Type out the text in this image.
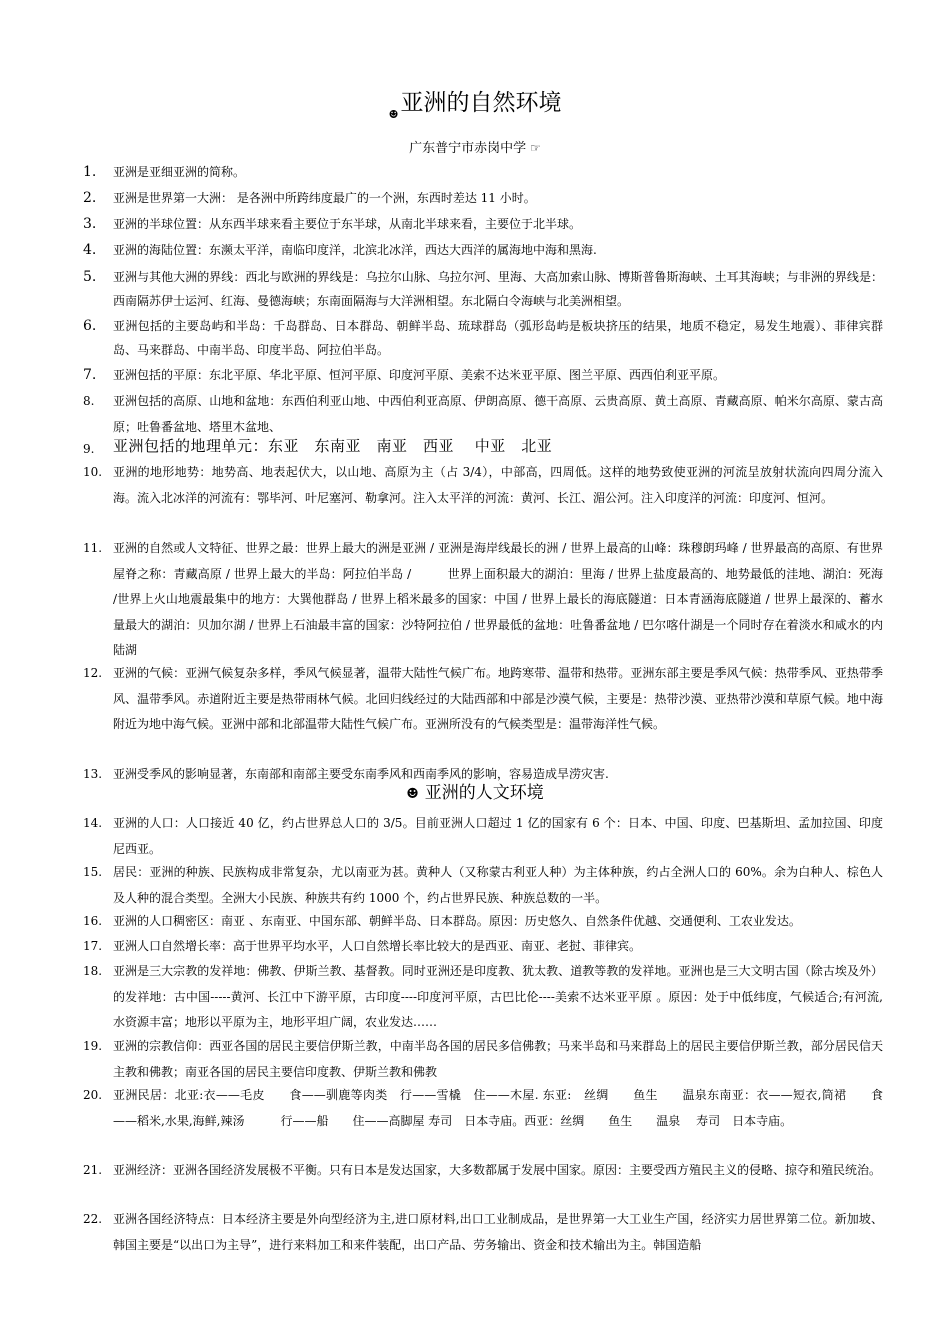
$_☻$亚洲的自然环境
广东普宁市赤岗中学 ☞
1. 亚洲是亚细亚洲的简称。
2. 亚洲是世界第一大洲： 是各洲中所跨纬度最广的一个洲，东西时差达 11 小时。
3. 亚洲的半球位置：从东西半球来看主要位于东半球，从南北半球来看，主要位于北半球。
4. 亚洲的海陆位置：东濒太平洋，南临印度洋，北滨北冰洋，西达大西洋的属海地中海和黑海.
5. 亚洲与其他大洲的界线：西北与欧洲的界线是：乌拉尔山脉、乌拉尔河、里海、大高加索山脉、博斯普鲁斯海峡、土耳其海峡；与非洲的界线是：西南隔苏伊士运河、红海、曼德海峡；东南面隔海与大洋洲相望。东北隔白令海峡与北美洲相望。
6. 亚洲包括的主要岛屿和半岛：千岛群岛、日本群岛、朝鲜半岛、琉球群岛（弧形岛屿是板块挤压的结果，地质不稳定，易发生地震）、菲律宾群岛、马来群岛、中南半岛、印度半岛、阿拉伯半岛。
7. 亚洲包括的平原：东北平原、华北平原、恒河平原、印度河平原、美索不达米亚平原、图兰平原、西西伯利亚平原。
8. 亚洲包括的高原、山地和盆地：东西伯利亚山地、中西伯利亚高原、伊朗高原、德干高原、云贵高原、黄土高原、青藏高原、帕米尔高原、蒙古高原；吐鲁番盆地、塔里木盆地、
9. 亚洲包括的地理单元：东亚　东南亚　南亚　西亚　 中亚　北亚
10. 亚洲的地形地势：地势高、地表起伏大，以山地、高原为主（占 3/4），中部高，四周低。这样的地势致使亚洲的河流呈放射状流向四周分流入海。流入北冰洋的河流有：鄂毕河、叶尼塞河、勒拿河。注入太平洋的河流：黄河、长江、湄公河。注入印度洋的河流：印度河、恒河。
11. 亚洲的自然或人文特征、世界之最：世界上最大的洲是亚洲 / 亚洲是海岸线最长的洲 / 世界上最高的山峰：珠穆朗玛峰 / 世界最高的高原、有世界屋脊之称：青藏高原 / 世界上最大的半岛：阿拉伯半岛 /　　　世界上面积最大的湖泊：里海 / 世界上盐度最高的、地势最低的洼地、湖泊：死海 /世界上火山地震最集中的地方：大巽他群岛 / 世界上稻米最多的国家：中国 / 世界上最长的海底隧道：日本青涵海底隧道 / 世界上最深的、蓄水量最大的湖泊：贝加尔湖 / 世界上石油最丰富的国家：沙特阿拉伯 / 世界最低的盆地：吐鲁番盆地 / 巴尔喀什湖是一个同时存在着淡水和咸水的内陆湖
12. 亚洲的气候：亚洲气候复杂多样，季风气候显著，温带大陆性气候广布。地跨寒带、温带和热带。亚洲东部主要是季风气候：热带季风、亚热带季风、温带季风。赤道附近主要是热带雨林气候。北回归线经过的大陆西部和中部是沙漠气候，主要是：热带沙漠、亚热带沙漠和草原气候。地中海附近为地中海气候。亚洲中部和北部温带大陆性气候广布。亚洲所没有的气候类型是：温带海洋性气候。
13. 亚洲受季风的影响显著，东南部和南部主要受东南季风和西南季风的影响，容易造成旱涝灾害.
☻ 亚洲的人文环境
14. 亚洲的人口：人口接近 40 亿，约占世界总人口的 3/5。目前亚洲人口超过 1 亿的国家有 6 个：日本、中国、印度、巴基斯坦、孟加拉国、印度尼西亚。
15. 居民：亚洲的种族、民族构成非常复杂，尤以南亚为甚。黄种人（又称蒙古利亚人种）为主体种族，约占全洲人口的 60%。余为白种人、棕色人及人种的混合类型。全洲大小民族、种族共有约 1000 个，约占世界民族、种族总数的一半。
16. 亚洲的人口稠密区：南亚 、东南亚、中国东部、朝鲜半岛、日本群岛。原因：历史悠久、自然条件优越、交通便利、工农业发达。
17. 亚洲人口自然增长率：高于世界平均水平，人口自然增长率比较大的是西亚、南亚、老挝、菲律宾。
18. 亚洲是三大宗教的发祥地：佛教、伊斯兰教、基督教。同时亚洲还是印度教、犹太教、道教等教的发祥地。亚洲也是三大文明古国（除古埃及外）的发祥地：古中国-----黄河、长江中下游平原，古印度----印度河平原，古巴比伦----美索不达米亚平原 。原因：处于中低纬度，气候适合;有河流,水资源丰富；地形以平原为主，地形平坦广阔，农业发达……
19. 亚洲的宗教信仰：西亚各国的居民主要信伊斯兰教，中南半岛各国的居民多信佛教；马来半岛和马来群岛上的居民主要信伊斯兰教，部分居民信天主教和佛教；南亚各国的居民主要信印度教、伊斯兰教和佛教
20. 亚洲民居：北亚:衣——毛皮　　食——驯鹿等肉类　行——雪橇　住——木屋. 东亚:　丝绸　　鱼生　　温泉东南亚：衣——短衣,筒裙　　食——稻米,水果,海鲜,辣汤　　　行——船　　住——高脚屋 寿司　日本寺庙。西亚：丝绸　　鱼生　　温泉　 寿司　日本寺庙。
21. 亚洲经济：亚洲各国经济发展极不平衡。只有日本是发达国家，大多数都属于发展中国家。原因：主要受西方殖民主义的侵略、掠夺和殖民统治。
22. 亚洲各国经济特点：日本经济主要是外向型经济为主,进口原材料,出口工业制成品，是世界第一大工业生产国，经济实力居世界第二位。新加坡、韩国主要是“以出口为主导”，进行来料加工和来件装配，出口产品、劳务输出、资金和技术输出为主。韩国造船
